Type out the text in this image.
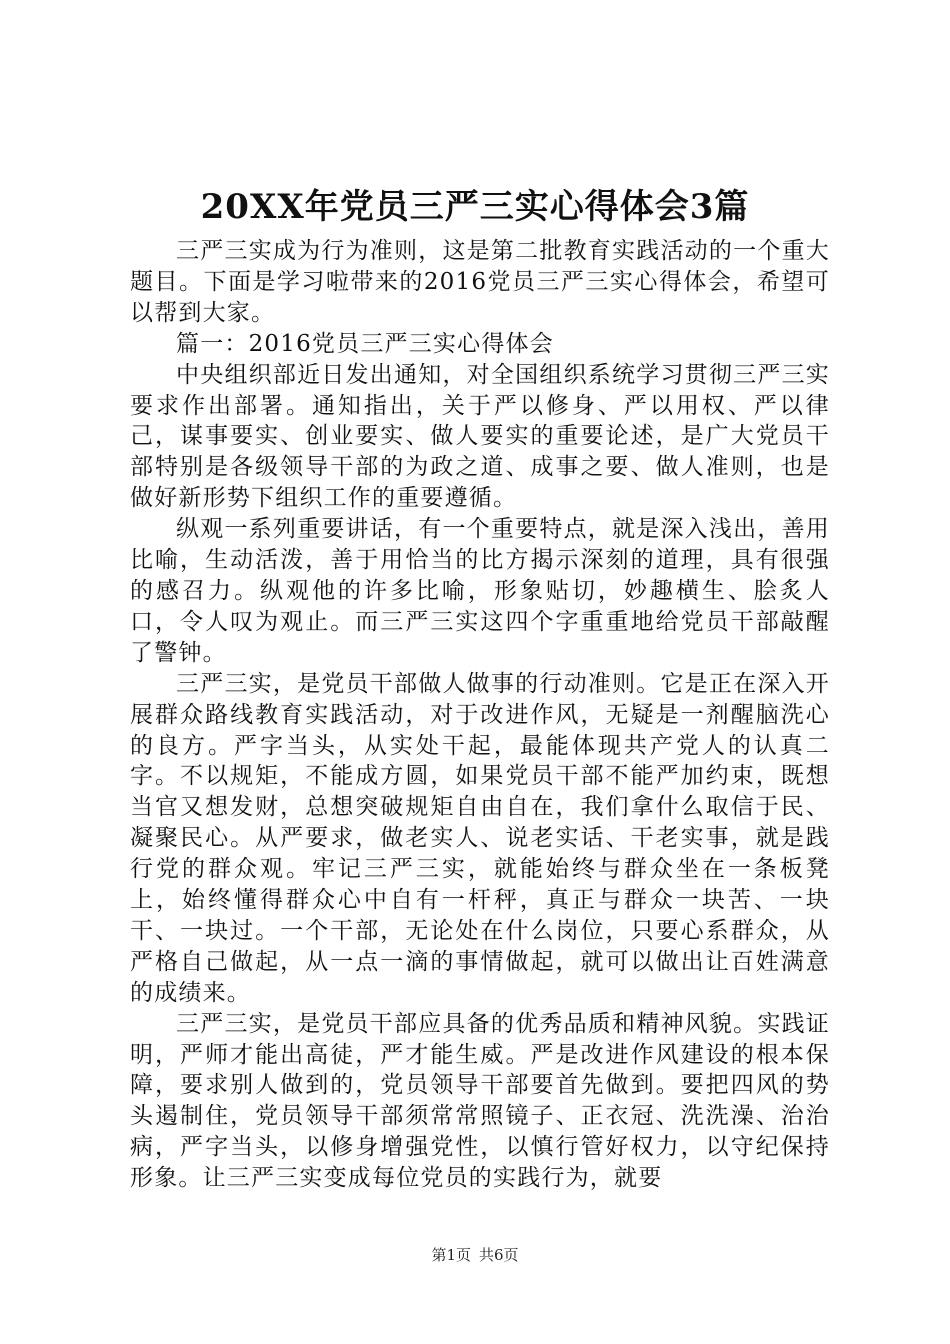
20XX年党员三严三实心得体会3篇

三严三实成为行为准则，这是第二批教育实践活动的一个重大题目。下面是学习啦带来的2016党员三严三实心得体会，希望可以帮到大家。

篇一：2016党员三严三实心得体会

中央组织部近日发出通知，对全国组织系统学习贯彻三严三实要求作出部署。通知指出，关于严以修身、严以用权、严以律己，谋事要实、创业要实、做人要实的重要论述，是广大党员干部特别是各级领导干部的为政之道、成事之要、做人准则，也是做好新形势下组织工作的重要遵循。

纵观一系列重要讲话，有一个重要特点，就是深入浅出，善用比喻，生动活泼，善于用恰当的比方揭示深刻的道理，具有很强的感召力。纵观他的许多比喻，形象贴切，妙趣横生、脍炙人口，令人叹为观止。而三严三实这四个字重重地给党员干部敲醒了警钟。

三严三实，是党员干部做人做事的行动准则。它是正在深入开展群众路线教育实践活动，对于改进作风，无疑是一剂醒脑洗心的良方。严字当头，从实处干起，最能体现共产党人的认真二字。不以规矩，不能成方圆，如果党员干部不能严加约束，既想当官又想发财，总想突破规矩自由自在，我们拿什么取信于民、凝聚民心。从严要求，做老实人、说老实话、干老实事，就是践行党的群众观。牢记三严三实，就能始终与群众坐在一条板凳上，始终懂得群众心中自有一杆秤，真正与群众一块苦、一块干、一块过。一个干部，无论处在什么岗位，只要心系群众，从严格自己做起，从一点一滴的事情做起，就可以做出让百姓满意的成绩来。

三严三实，是党员干部应具备的优秀品质和精神风貌。实践证明，严师才能出高徒，严才能生威。严是改进作风建设的根本保障，要求别人做到的，党员领导干部要首先做到。要把四风的势头遏制住，党员领导干部须常常照镜子、正衣冠、洗洗澡、治治病，严字当头，以修身增强党性，以慎行管好权力，以守纪保持形象。让三严三实变成每位党员的实践行为，就要

第1页 共6页
